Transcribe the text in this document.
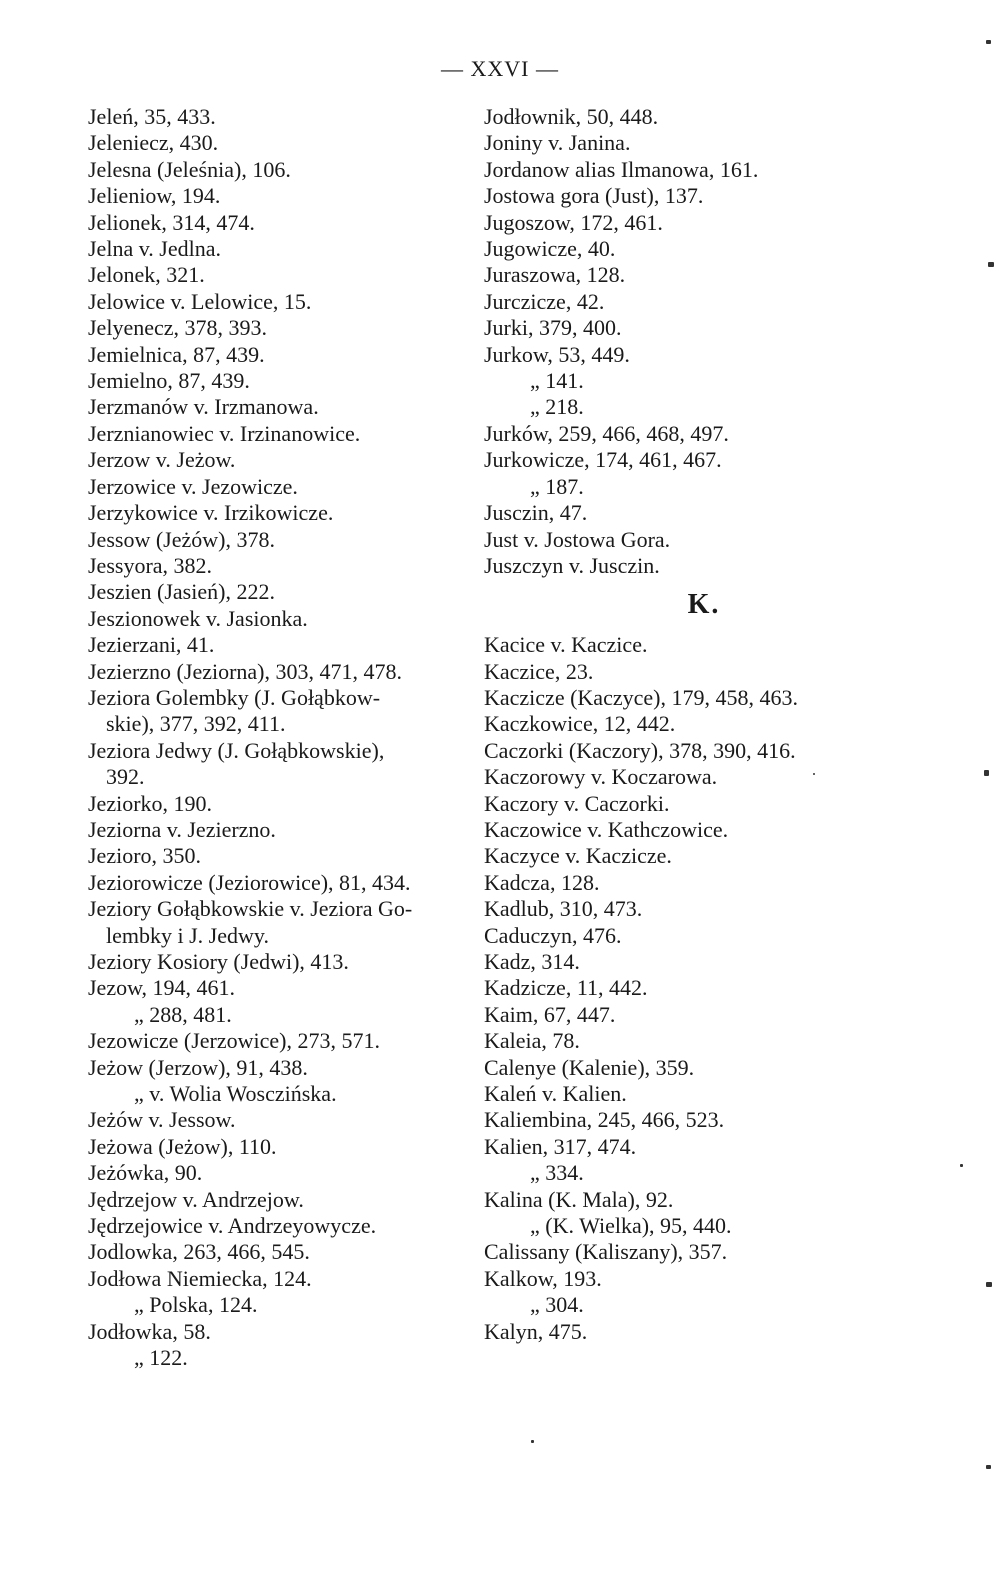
— XXVI —
Jeleń, 35, 433.
Jeleniecz, 430.
Jelesna (Jeleśnia), 106.
Jelieniow, 194.
Jelionek, 314, 474.
Jelna v. Jedlna.
Jelonek, 321.
Jelowice v. Lelowice, 15.
Jelyenecz, 378, 393.
Jemielnica, 87, 439.
Jemielno, 87, 439.
Jerzmanów v. Irzmanowa.
Jerznianowiec v. Irzinanowice.
Jerzow v. Jeżow.
Jerzowice v. Jezowicze.
Jerzykowice v. Irzikowicze.
Jessow (Jeżów), 378.
Jessyora, 382.
Jeszien (Jasień), 222.
Jeszionowek v. Jasionka.
Jezierzani, 41.
Jezierzno (Jeziorna), 303, 471, 478.
Jeziora Golembky (J. Gołąbkow-
skie), 377, 392, 411.
Jeziora Jedwy (J. Gołąbkowskie),
392.
Jeziorko, 190.
Jeziorna v. Jezierzno.
Jezioro, 350.
Jeziorowicze (Jeziorowice), 81, 434.
Jeziory Gołąbkowskie v. Jeziora Go-
lembky i J. Jedwy.
Jeziory Kosiory (Jedwi), 413.
Jezow, 194, 461.
„ 288, 481.
Jezowicze (Jerzowice), 273, 571.
Jeżow (Jerzow), 91, 438.
„ v. Wolia Wosczińska.
Jeżów v. Jessow.
Jeżowa (Jeżow), 110.
Jeżówka, 90.
Jędrzejow v. Andrzejow.
Jędrzejowice v. Andrzeyowycze.
Jodlowka, 263, 466, 545.
Jodłowa Niemiecka, 124.
„ Polska, 124.
Jodłowka, 58.
„ 122.
Jodłownik, 50, 448.
Joniny v. Janina.
Jordanow alias Ilmanowa, 161.
Jostowa gora (Just), 137.
Jugoszow, 172, 461.
Jugowicze, 40.
Juraszowa, 128.
Jurczicze, 42.
Jurki, 379, 400.
Jurkow, 53, 449.
„ 141.
„ 218.
Jurków, 259, 466, 468, 497.
Jurkowicze, 174, 461, 467.
„ 187.
Jusczin, 47.
Just v. Jostowa Gora.
Juszczyn v. Jusczin.
K.
Kacice v. Kaczice.
Kaczice, 23.
Kaczicze (Kaczyce), 179, 458, 463.
Kaczkowice, 12, 442.
Caczorki (Kaczory), 378, 390, 416.
Kaczorowy v. Koczarowa.
Kaczory v. Caczorki.
Kaczowice v. Kathczowice.
Kaczyce v. Kaczicze.
Kadcza, 128.
Kadlub, 310, 473.
Caduczyn, 476.
Kadz, 314.
Kadzicze, 11, 442.
Kaim, 67, 447.
Kaleia, 78.
Calenye (Kalenie), 359.
Kaleń v. Kalien.
Kaliembina, 245, 466, 523.
Kalien, 317, 474.
„ 334.
Kalina (K. Mala), 92.
„ (K. Wielka), 95, 440.
Calissany (Kaliszany), 357.
Kalkow, 193.
„ 304.
Kalyn, 475.
